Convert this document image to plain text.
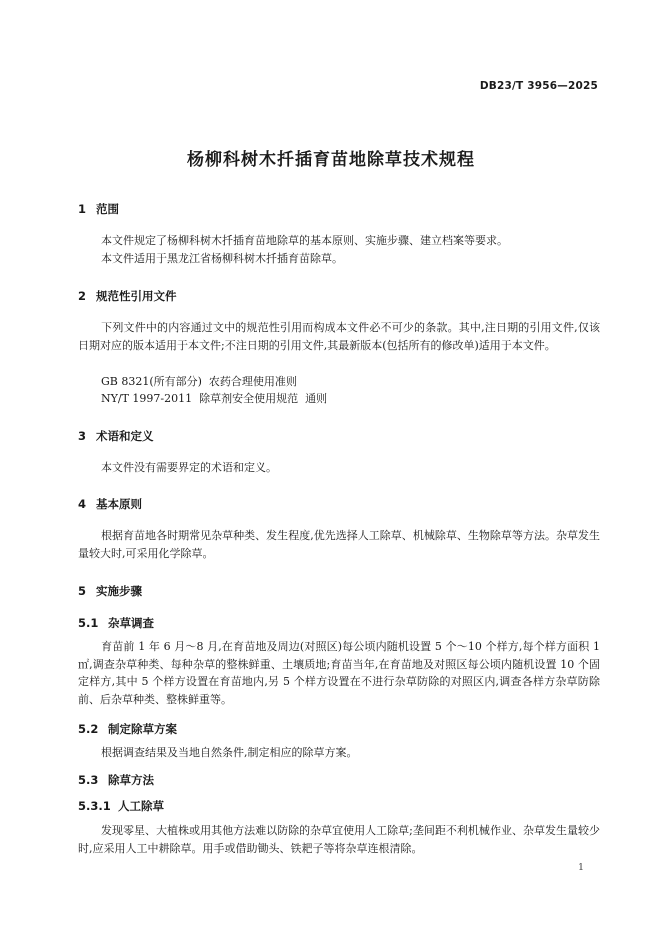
DB23/T 3956—2025
杨柳科树木扦插育苗地除草技术规程
1 范围
本文件规定了杨柳科树木扦插育苗地除草的基本原则、实施步骤、建立档案等要求。
本文件适用于黑龙江省杨柳科树木扦插育苗除草。
2 规范性引用文件
下列文件中的内容通过文中的规范性引用而构成本文件必不可少的条款。其中,注日期的引用文件,仅该日期对应的版本适用于本文件;不注日期的引用文件,其最新版本(包括所有的修改单)适用于本文件。
GB 8321(所有部分)  农药合理使用准则
NY/T 1997-2011  除草剂安全使用规范  通则
3 术语和定义
本文件没有需要界定的术语和定义。
4 基本原则
根据育苗地各时期常见杂草种类、发生程度,优先选择人工除草、机械除草、生物除草等方法。杂草发生量较大时,可采用化学除草。
5 实施步骤
5.1 杂草调查
育苗前 1 年 6 月～8 月,在育苗地及周边(对照区)每公顷内随机设置 5 个～10 个样方,每个样方面积 1 ㎡,调查杂草种类、每种杂草的整株鲜重、土壤质地;育苗当年,在育苗地及对照区每公顷内随机设置 10 个固定样方,其中 5 个样方设置在育苗地内,另 5 个样方设置在不进行杂草防除的对照区内,调查各样方杂草防除前、后杂草种类、整株鲜重等。
5.2 制定除草方案
根据调查结果及当地自然条件,制定相应的除草方案。
5.3 除草方法
5.3.1 人工除草
发现零星、大植株或用其他方法难以防除的杂草宜使用人工除草;垄间距不利机械作业、杂草发生量较少时,应采用人工中耕除草。用手或借助锄头、铁耙子等将杂草连根清除。
1
